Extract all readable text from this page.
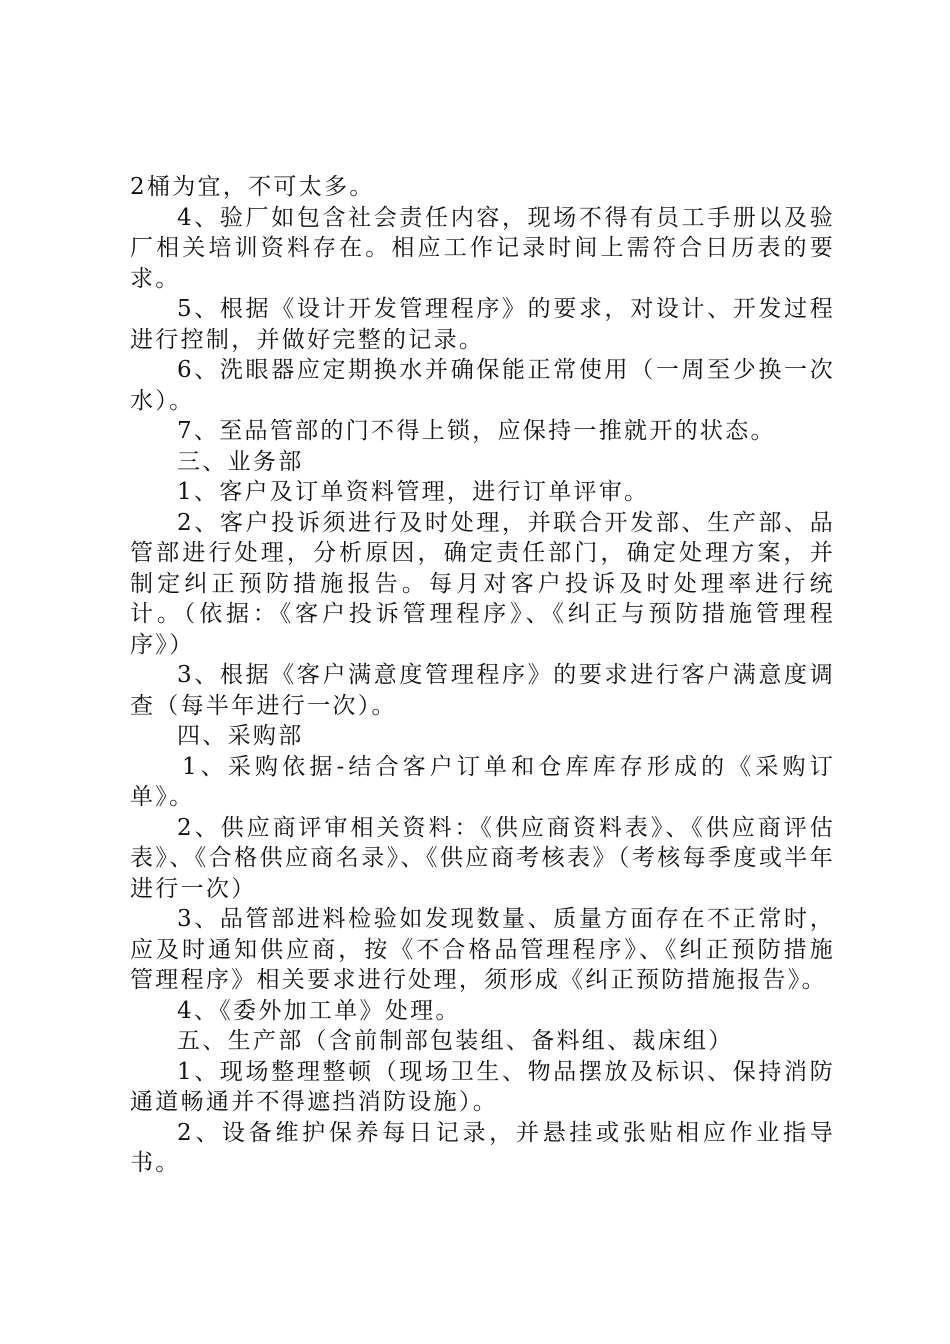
2桶为宜，不可太多。

4、验厂如包含社会责任内容，现场不得有员工手册以及验厂相关培训资料存在。相应工作记录时间上需符合日历表的要求。

5、根据《设计开发管理程序》的要求，对设计、开发过程进行控制，并做好完整的记录。

6、洗眼器应定期换水并确保能正常使用（一周至少换一次水）。

7、至品管部的门不得上锁，应保持一推就开的状态。

三、业务部

1、客户及订单资料管理，进行订单评审。

2、客户投诉须进行及时处理，并联合开发部、生产部、品管部进行处理，分析原因，确定责任部门，确定处理方案，并制定纠正预防措施报告。每月对客户投诉及时处理率进行统计。（依据：《客户投诉管理程序》、《纠正与预防措施管理程序》）

3、根据《客户满意度管理程序》的要求进行客户满意度调查（每半年进行一次）。

四、采购部

1、采购依据-结合客户订单和仓库库存形成的《采购订单》。

2、供应商评审相关资料：《供应商资料表》、《供应商评估表》、《合格供应商名录》、《供应商考核表》（考核每季度或半年进行一次）

3、品管部进料检验如发现数量、质量方面存在不正常时，应及时通知供应商，按《不合格品管理程序》、《纠正预防措施管理程序》相关要求进行处理，须形成《纠正预防措施报告》。

4、《委外加工单》处理。

五、生产部（含前制部包装组、备料组、裁床组）

1、现场整理整顿（现场卫生、物品摆放及标识、保持消防通道畅通并不得遮挡消防设施）。

2、设备维护保养每日记录，并悬挂或张贴相应作业指导书。
